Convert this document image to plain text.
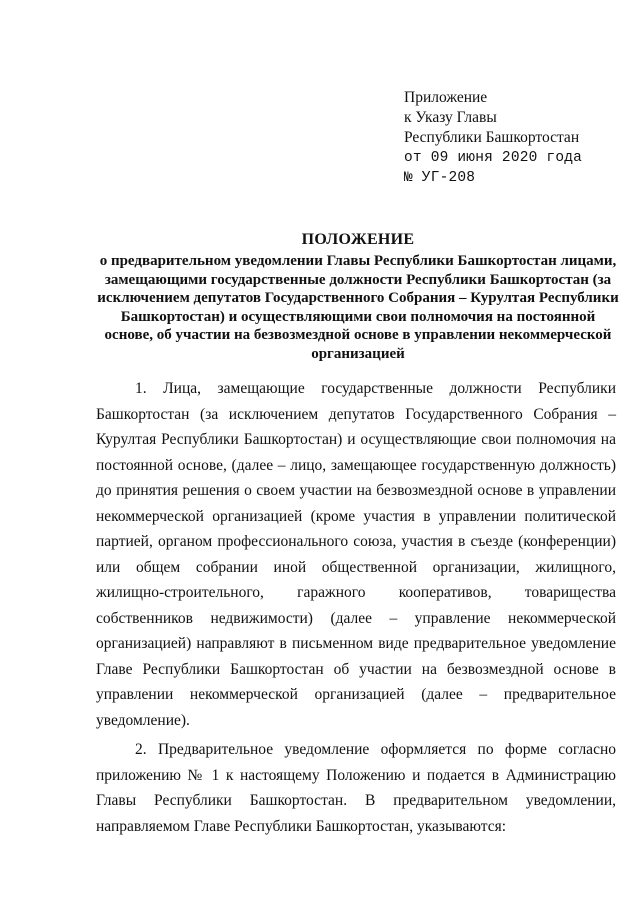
Приложение
к Указу Главы
Республики Башкортостан
от 09 июня 2020 года
№ УГ-208
ПОЛОЖЕНИЕ
о предварительном уведомлении Главы Республики Башкортостан лицами, замещающими государственные должности Республики Башкортостан (за исключением депутатов Государственного Собрания – Курултая Республики Башкортостан) и осуществляющими свои полномочия на постоянной основе, об участии на безвозмездной основе в управлении некоммерческой организацией

1. Лица, замещающие государственные должности Республики Башкортостан (за исключением депутатов Государственного Собрания – Курултая Республики Башкортостан) и осуществляющие свои полномочия на постоянной основе, (далее – лицо, замещающее государственную должность) до принятия решения о своем участии на безвозмездной основе в управлении некоммерческой организацией (кроме участия в управлении политической партией, органом профессионального союза, участия в съезде (конференции) или общем собрании иной общественной организации, жилищного, жилищно-строительного, гаражного кооперативов, товарищества собственников недвижимости) (далее – управление некоммерческой организацией) направляют в письменном виде предварительное уведомление Главе Республики Башкортостан об участии на безвозмездной основе в управлении некоммерческой организацией (далее – предварительное уведомление).

2. Предварительное уведомление оформляется по форме согласно приложению № 1 к настоящему Положению и подается в Администрацию Главы Республики Башкортостан. В предварительном уведомлении, направляемом Главе Республики Башкортостан, указываются:
